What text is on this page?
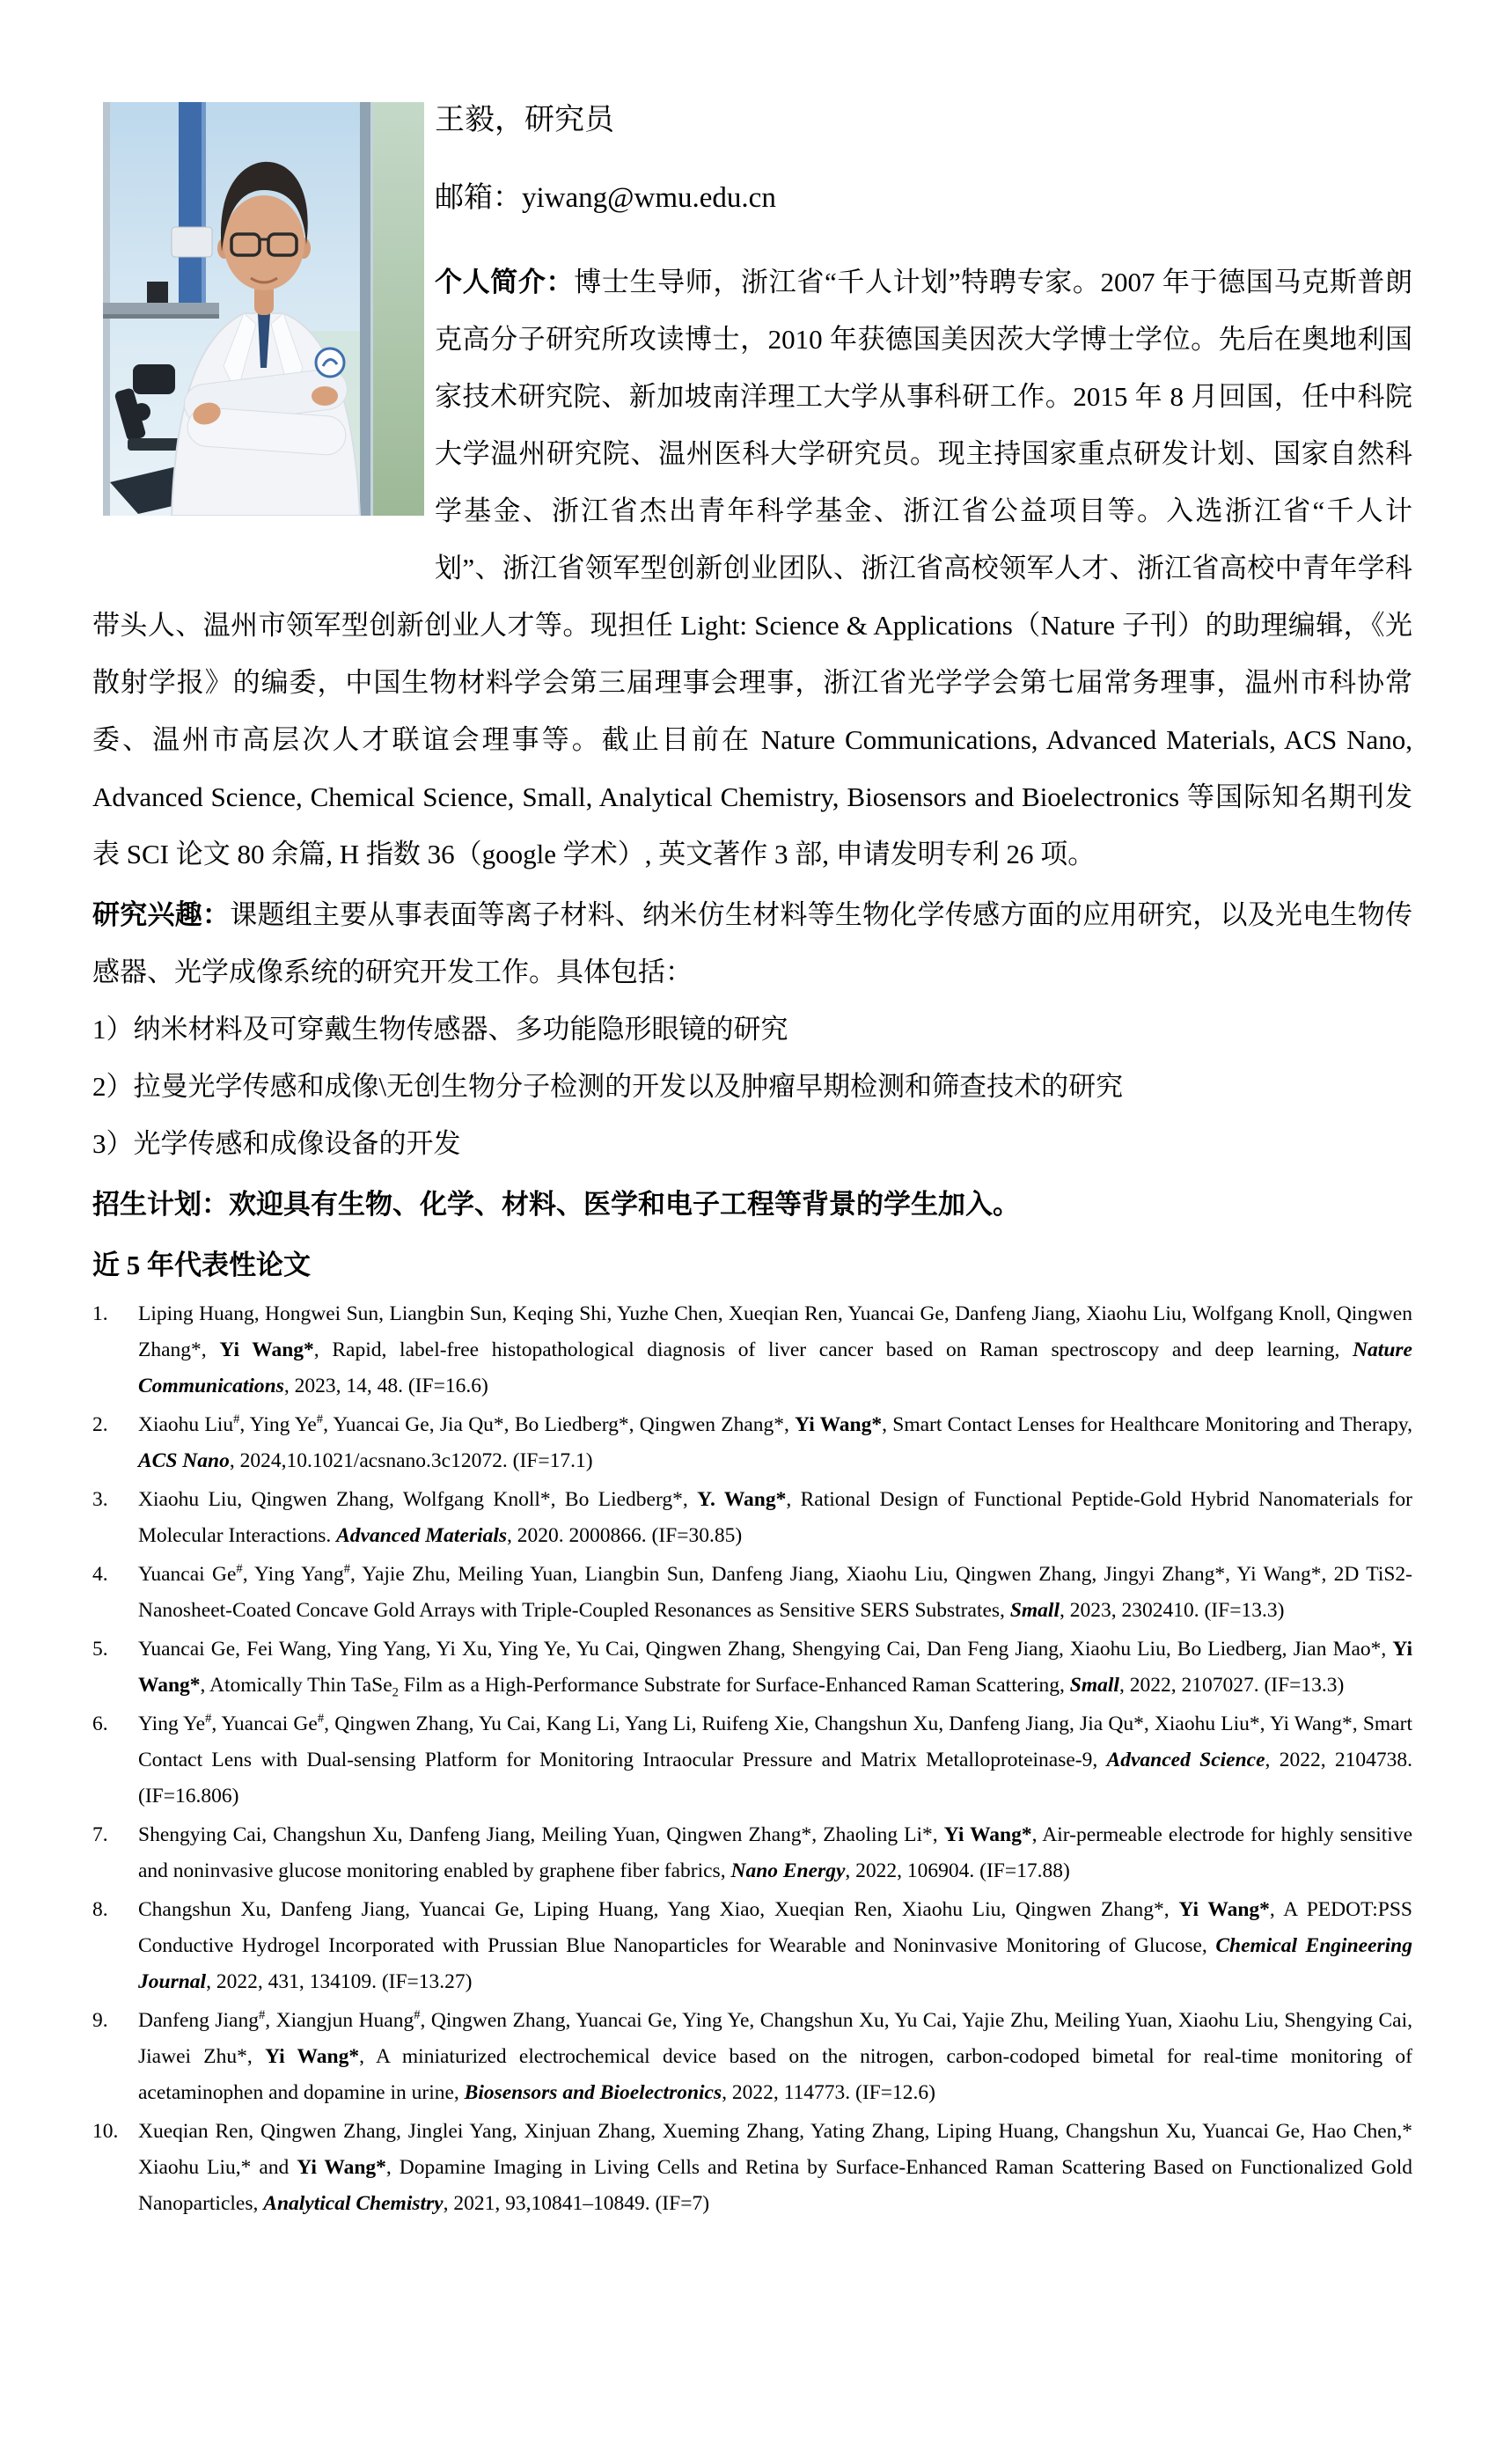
王毅，研究员

邮箱：yiwang@wmu.edu.cn

个人简介：博士生导师，浙江省“千人计划”特聘专家。2007 年于德国马克斯普朗克高分子研究所攻读博士，2010 年获德国美因茨大学博士学位。先后在奥地利国家技术研究院、新加坡南洋理工大学从事科研工作。2015 年 8 月回国，任中科院大学温州研究院、温州医科大学研究员。现主持国家重点研发计划、国家自然科学基金、浙江省杰出青年科学基金、浙江省公益项目等。入选浙江省“千人计划”、浙江省领军型创新创业团队、浙江省高校领军人才、浙江省高校中青年学科带头人、温州市领军型创新创业人才等。现担任 Light: Science & Applications（Nature 子刊）的助理编辑，《光散射学报》的编委，中国生物材料学会第三届理事会理事，浙江省光学学会第七届常务理事，温州市科协常委、温州市高层次人才联谊会理事等。截止目前在 Nature Communications, Advanced Materials, ACS Nano, Advanced Science, Chemical Science, Small, Analytical Chemistry, Biosensors and Bioelectronics 等国际知名期刊发表 SCI 论文 80 余篇, H 指数 36（google 学术）, 英文著作 3 部, 申请发明专利 26 项。

研究兴趣：课题组主要从事表面等离子材料、纳米仿生材料等生物化学传感方面的应用研究，以及光电生物传感器、光学成像系统的研究开发工作。具体包括：

1）纳米材料及可穿戴生物传感器、多功能隐形眼镜的研究

2）拉曼光学传感和成像\无创生物分子检测的开发以及肿瘤早期检测和筛查技术的研究

3）光学传感和成像设备的开发

招生计划：欢迎具有生物、化学、材料、医学和电子工程等背景的学生加入。

近 5 年代表性论文

1.	Liping Huang, Hongwei Sun, Liangbin Sun, Keqing Shi, Yuzhe Chen, Xueqian Ren, Yuancai Ge, Danfeng Jiang, Xiaohu Liu, Wolfgang Knoll, Qingwen Zhang*, Yi Wang*, Rapid, label-free histopathological diagnosis of liver cancer based on Raman spectroscopy and deep learning, Nature Communications, 2023, 14, 48. (IF=16.6)
2.	Xiaohu Liu#, Ying Ye#, Yuancai Ge, Jia Qu*, Bo Liedberg*, Qingwen Zhang*, Yi Wang*, Smart Contact Lenses for Healthcare Monitoring and Therapy, ACS Nano, 2024,10.1021/acsnano.3c12072. (IF=17.1)
3.	Xiaohu Liu, Qingwen Zhang, Wolfgang Knoll*, Bo Liedberg*, Y. Wang*, Rational Design of Functional Peptide-Gold Hybrid Nanomaterials for Molecular Interactions. Advanced Materials, 2020. 2000866. (IF=30.85)
4.	Yuancai Ge#, Ying Yang#, Yajie Zhu, Meiling Yuan, Liangbin Sun, Danfeng Jiang, Xiaohu Liu, Qingwen Zhang, Jingyi Zhang*, Yi Wang*, 2D TiS2-Nanosheet-Coated Concave Gold Arrays with Triple-Coupled Resonances as Sensitive SERS Substrates, Small, 2023, 2302410. (IF=13.3)
5.	Yuancai Ge, Fei Wang, Ying Yang, Yi Xu, Ying Ye, Yu Cai, Qingwen Zhang, Shengying Cai, Dan Feng Jiang, Xiaohu Liu, Bo Liedberg, Jian Mao*, Yi Wang*, Atomically Thin TaSe$_2$ Film as a High-Performance Substrate for Surface-Enhanced Raman Scattering, Small, 2022, 2107027. (IF=13.3)
6.	Ying Ye#, Yuancai Ge#, Qingwen Zhang, Yu Cai, Kang Li, Yang Li, Ruifeng Xie, Changshun Xu, Danfeng Jiang, Jia Qu*, Xiaohu Liu*, Yi Wang*, Smart Contact Lens with Dual-sensing Platform for Monitoring Intraocular Pressure and Matrix Metalloproteinase-9, Advanced Science, 2022, 2104738. (IF=16.806)
7.	Shengying Cai, Changshun Xu, Danfeng Jiang, Meiling Yuan, Qingwen Zhang*, Zhaoling Li*, Yi Wang*, Air-permeable electrode for highly sensitive and noninvasive glucose monitoring enabled by graphene fiber fabrics, Nano Energy, 2022, 106904. (IF=17.88)
8.	Changshun Xu, Danfeng Jiang, Yuancai Ge, Liping Huang, Yang Xiao, Xueqian Ren, Xiaohu Liu, Qingwen Zhang*, Yi Wang*, A PEDOT:PSS Conductive Hydrogel Incorporated with Prussian Blue Nanoparticles for Wearable and Noninvasive Monitoring of Glucose, Chemical Engineering Journal, 2022, 431, 134109. (IF=13.27)
9.	Danfeng Jiang#, Xiangjun Huang#, Qingwen Zhang, Yuancai Ge, Ying Ye, Changshun Xu, Yu Cai, Yajie Zhu, Meiling Yuan, Xiaohu Liu, Shengying Cai, Jiawei Zhu*, Yi Wang*, A miniaturized electrochemical device based on the nitrogen, carbon-codoped bimetal for real-time monitoring of acetaminophen and dopamine in urine, Biosensors and Bioelectronics, 2022, 114773. (IF=12.6)
10. Xueqian Ren, Qingwen Zhang, Jinglei Yang, Xinjuan Zhang, Xueming Zhang, Yating Zhang, Liping Huang, Changshun Xu, Yuancai Ge, Hao Chen,* Xiaohu Liu,* and Yi Wang*, Dopamine Imaging in Living Cells and Retina by Surface-Enhanced Raman Scattering Based on Functionalized Gold Nanoparticles, Analytical Chemistry, 2021, 93,10841–10849. (IF=7)
